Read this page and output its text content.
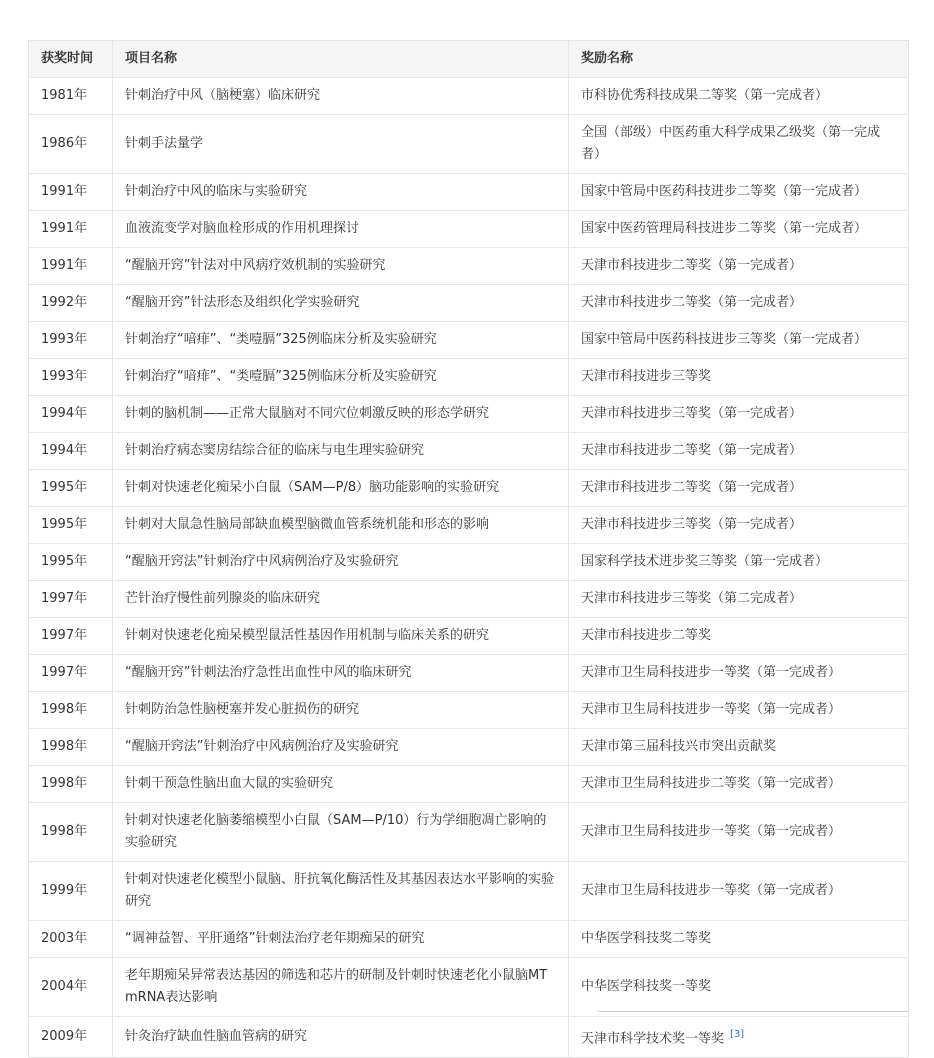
获奖时间	项目名称	奖励名称
1981年	针刺治疗中风（脑梗塞）临床研究	市科协优秀科技成果二等奖（第一完成者）
1986年	针刺手法量学	全国（部级）中医药重大科学成果乙级奖（第一完成者）
1991年	针刺治疗中风的临床与实验研究	国家中管局中医药科技进步二等奖（第一完成者）
1991年	血液流变学对脑血栓形成的作用机理探讨	国家中医药管理局科技进步二等奖（第一完成者）
1991年	“醒脑开窍”针法对中风病疗效机制的实验研究	天津市科技进步二等奖（第一完成者）
1992年	“醒脑开窍”针法形态及组织化学实验研究	天津市科技进步二等奖（第一完成者）
1993年	针刺治疗“喑痱”、“类噎膈”325例临床分析及实验研究	国家中管局中医药科技进步三等奖（第一完成者）
1993年	针刺治疗“喑痱”、“类噎膈”325例临床分析及实验研究	天津市科技进步三等奖
1994年	针刺的脑机制——正常大鼠脑对不同穴位刺激反映的形态学研究	天津市科技进步三等奖（第一完成者）
1994年	针刺治疗病态窦房结综合征的临床与电生理实验研究	天津市科技进步二等奖（第一完成者）
1995年	针刺对快速老化痴呆小白鼠（SAM—P/8）脑功能影响的实验研究	天津市科技进步二等奖（第一完成者）
1995年	针刺对大鼠急性脑局部缺血模型脑微血管系统机能和形态的影响	天津市科技进步三等奖（第一完成者）
1995年	“醒脑开窍法”针刺治疗中风病例治疗及实验研究	国家科学技术进步奖三等奖（第一完成者）
1997年	芒针治疗慢性前列腺炎的临床研究	天津市科技进步三等奖（第二完成者）
1997年	针刺对快速老化痴呆模型鼠活性基因作用机制与临床关系的研究	天津市科技进步二等奖
1997年	“醒脑开窍”针刺法治疗急性出血性中风的临床研究	天津市卫生局科技进步一等奖（第一完成者）
1998年	针刺防治急性脑梗塞并发心脏损伤的研究	天津市卫生局科技进步一等奖（第一完成者）
1998年	“醒脑开窍法”针刺治疗中风病例治疗及实验研究	天津市第三届科技兴市突出贡献奖
1998年	针刺干预急性脑出血大鼠的实验研究	天津市卫生局科技进步二等奖（第一完成者）
1998年	针刺对快速老化脑萎缩模型小白鼠（SAM—P/10）行为学细胞凋亡影响的实验研究	天津市卫生局科技进步一等奖（第一完成者）
1999年	针刺对快速老化模型小鼠脑、肝抗氧化酶活性及其基因表达水平影响的实验研究	天津市卫生局科技进步一等奖（第一完成者）
2003年	“调神益智、平肝通络”针刺法治疗老年期痴呆的研究	中华医学科技奖二等奖
2004年	老年期痴呆异常表达基因的筛选和芯片的研制及针刺时快速老化小鼠脑MTmRNA表达影响	中华医学科技奖一等奖
2009年	针灸治疗缺血性脑血管病的研究	天津市科学技术奖一等奖 [3]
